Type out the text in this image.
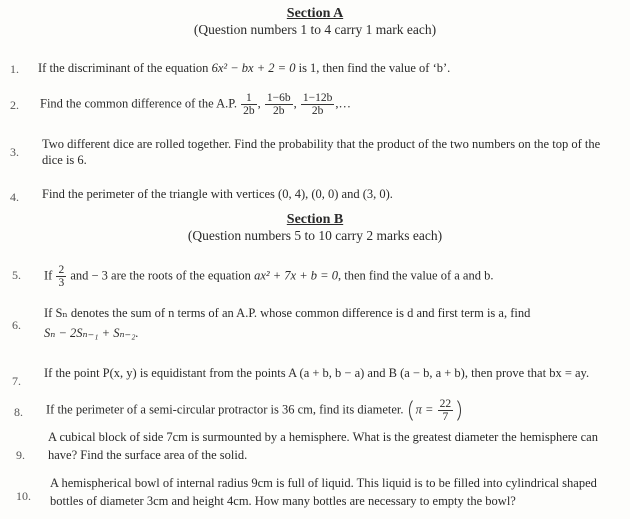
Section A
(Question numbers 1 to 4 carry 1 mark each)
1. If the discriminant of the equation 6x² − bx + 2 = 0 is 1, then find the value of ‘b’.
2. Find the common difference of the A.P. $\frac{1}{2b}$ , $\frac{1-6b}{2b}$ , $\frac{1-12b}{2b}$ ,…
3.
Two different dice are rolled together. Find the probability that the product of the two numbers on the top of the
dice is 6.
4. Find the perimeter of the triangle with vertices (0, 4), (0, 0) and (3, 0).
Section B
(Question numbers 5 to 10 carry 2 marks each)
5. If $\frac{2}{3}$ and − 3 are the roots of the equation ax² + 7x + b = 0, then find the value of a and b.
6.
If Sₙ denotes the sum of n terms of an A.P. whose common difference is d and first term is a, find
Sₙ − 2Sₙ₋₁ + Sₙ₋₂.
7.
If the point P(x, y) is equidistant from the points A (a + b, b − a) and B (a − b, a + b), then prove that bx = ay.
8. If the perimeter of a semi-circular protractor is 36 cm, find its diameter. $\pi = \frac{22}{7}$
9.
A cubical block of side 7cm is surmounted by a hemisphere. What is the greatest diameter the hemisphere can
have? Find the surface area of the solid.
10.
A hemispherical bowl of internal radius 9cm is full of liquid. This liquid is to be filled into cylindrical shaped
bottles of diameter 3cm and height 4cm. How many bottles are necessary to empty the bowl?
